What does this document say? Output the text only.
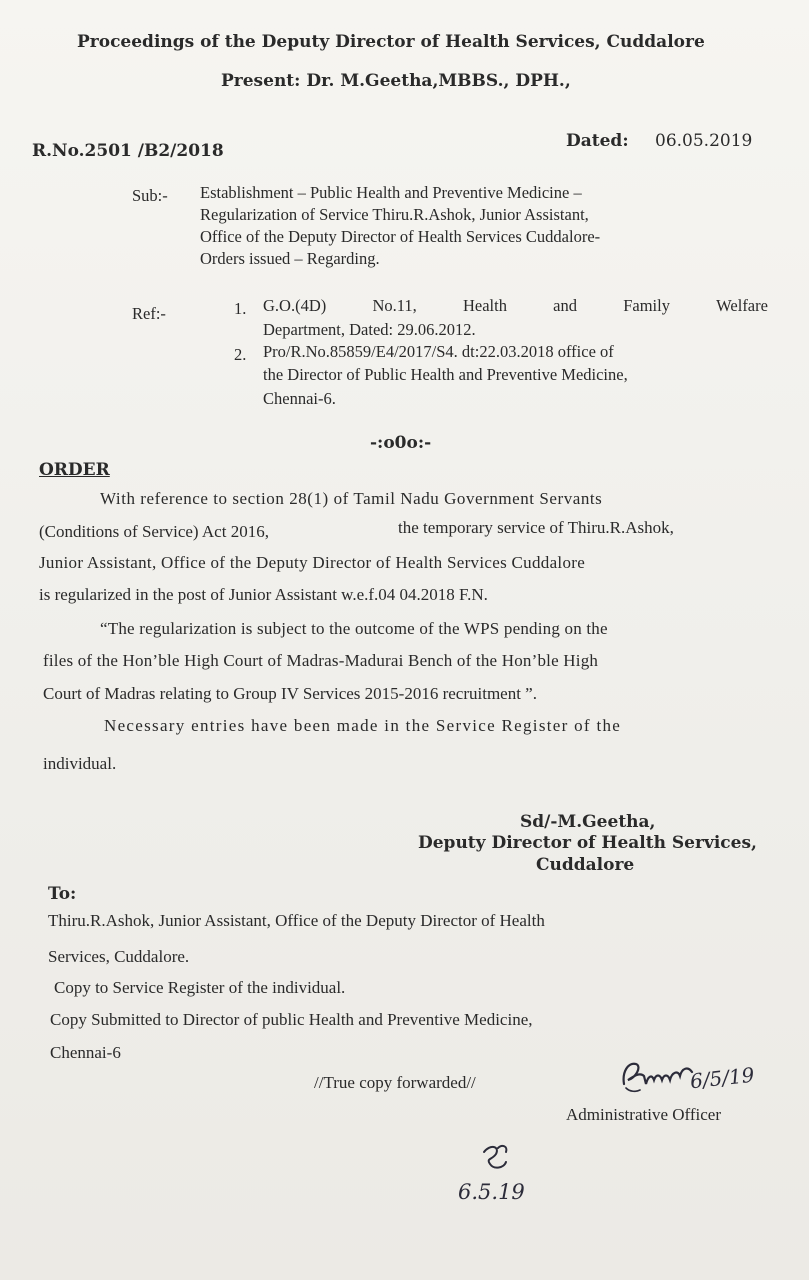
Proceedings of the Deputy Director of Health Services, Cuddalore
Present: Dr. M.Geetha,MBBS., DPH.,
R.No.2501 /B2/2018	Dated: 06.05.2019
Sub:- Establishment – Public Health and Preventive Medicine –
Regularization of Service Thiru.R.Ashok, Junior Assistant,
Office of the Deputy Director of Health Services Cuddalore-
Orders issued – Regarding.
Ref:-	1. G.O.(4D)	No.11,	Health	and	Family	Welfare
Department, Dated: 29.06.2012.
2. Pro/R.No.85859/E4/2017/S4. dt:22.03.2018 office of
the Director of Public Health and Preventive Medicine,
Chennai-6.
-:o0o:-
ORDER
With reference to section 28(1) of Tamil Nadu Government Servants
(Conditions of Service) Act 2016,	the temporary service of Thiru.R.Ashok,
Junior Assistant, Office of the Deputy Director of Health Services Cuddalore
is regularized in the post of Junior Assistant w.e.f.04 04.2018 F.N.
“The regularization is subject to the outcome of the WPS pending on the
files of the Hon’ble High Court of Madras-Madurai Bench of the Hon’ble High
Court of Madras relating to Group IV Services 2015-2016 recruitment ”.
Necessary entries have been made in the Service Register of the
individual.
Sd/-M.Geetha,
Deputy Director of Health Services,
Cuddalore
To:
Thiru.R.Ashok, Junior Assistant, Office of the Deputy Director of Health
Services, Cuddalore.
Copy to Service Register of the individual.
Copy Submitted to Director of public Health and Preventive Medicine,
Chennai-6
//True copy forwarded//	6/5/19
Administrative Officer
6.5.19
